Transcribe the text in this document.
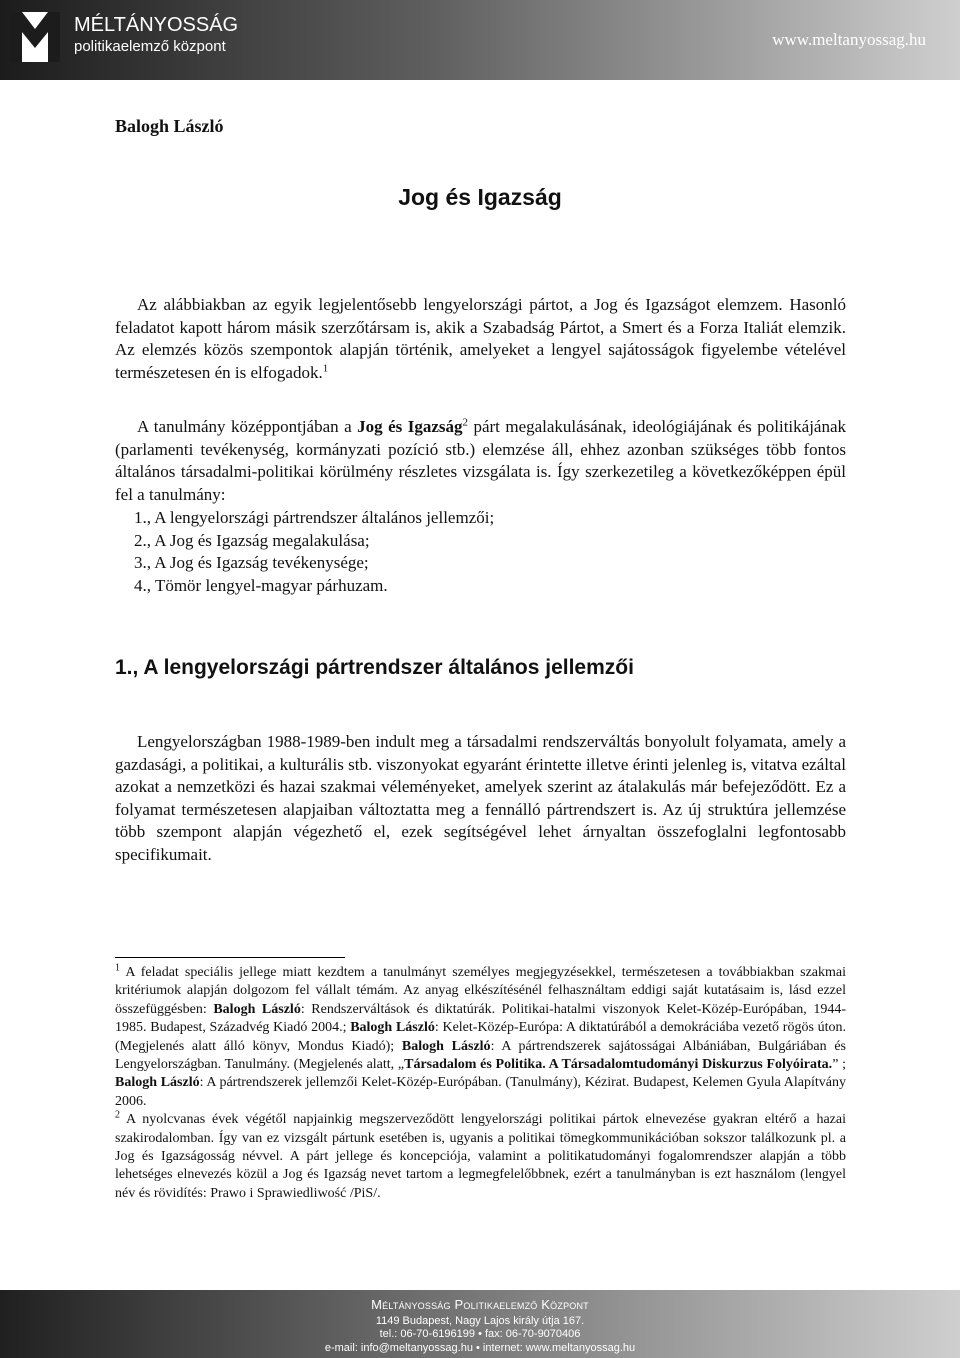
MÉLTÁNYOSSÁG
politikaelemző központ	www.meltanyossag.hu
Balogh László
Jog és Igazság

Az alábbiakban az egyik legjelentősebb lengyelországi pártot, a Jog és Igazságot elemzem. Hasonló feladatot kapott három másik szerzőtársam is, akik a Szabadság Pártot, a Smert és a Forza Italiát elemzik. Az elemzés közös szempontok alapján történik, amelyeket a lengyel sajátosságok figyelembe vételével természetesen én is elfogadok.$^1$

A tanulmány középpontjában a Jog és Igazság$^2$ párt megalakulásának, ideológiájának és politikájának (parlamenti tevékenység, kormányzati pozíció stb.) elemzése áll, ehhez azonban szükséges több fontos általános társadalmi-politikai körülmény részletes vizsgálata is. Így szerkezetileg a következőképpen épül fel a tanulmány:

1., A lengyelországi pártrendszer általános jellemzői;
2., A Jog és Igazság megalakulása;
3., A Jog és Igazság tevékenysége;
4., Tömör lengyel-magyar párhuzam.
1., A lengyelországi pártrendszer általános jellemzői

Lengyelországban 1988-1989-ben indult meg a társadalmi rendszerváltás bonyolult folyamata, amely a gazdasági, a politikai, a kulturális stb. viszonyokat egyaránt érintette illetve érinti jelenleg is, vitatva ezáltal azokat a nemzetközi és hazai szakmai véleményeket, amelyek szerint az átalakulás már befejeződött. Ez a folyamat természetesen alapjaiban változtatta meg a fennálló pártrendszert is. Az új struktúra jellemzése több szempont alapján végezhető el, ezek segítségével lehet árnyaltan összefoglalni legfontosabb specifikumait.

$^1$ A feladat speciális jellege miatt kezdtem a tanulmányt személyes megjegyzésekkel, természetesen a továbbiakban szakmai kritériumok alapján dolgozom fel vállalt témám. Az anyag elkészítésénél felhasználtam eddigi saját kutatásaim is, lásd ezzel összefüggésben: Balogh László: Rendszerváltások és diktatúrák. Politikai-hatalmi viszonyok Kelet-Közép-Európában, 1944-1985. Budapest, Századvég Kiadó 2004.; Balogh László: Kelet-Közép-Európa: A diktatúrából a demokráciába vezető rögös úton. (Megjelenés alatt álló könyv, Mondus Kiadó); Balogh László: A pártrendszerek sajátosságai Albániában, Bulgáriában és Lengyelországban. Tanulmány. (Megjelenés alatt, „Társadalom és Politika. A Társadalomtudományi Diskurzus Folyóirata.” ; Balogh László: A pártrendszerek jellemzői Kelet-Közép-Európában. (Tanulmány), Kézirat. Budapest, Kelemen Gyula Alapítvány 2006.

$^2$ A nyolcvanas évek végétől napjainkig megszerveződött lengyelországi politikai pártok elnevezése gyakran eltérő a hazai szakirodalomban. Így van ez vizsgált pártunk esetében is, ugyanis a politikai tömegkommunikációban sokszor találkozunk pl. a Jog és Igazságosság névvel. A párt jellege és koncepciója, valamint a politikatudományi fogalomrendszer alapján a több lehetséges elnevezés közül a Jog és Igazság nevet tartom a legmegfelelőbbnek, ezért a tanulmányban is ezt használom (lengyel név és rövidítés: Prawo i Sprawiedliwość /PiS/.

Méltányosság Politikaelemző Központ
1149 Budapest, Nagy Lajos király útja 167.
tel.: 06-70-6196199 • fax: 06-70-9070406
e-mail: info@meltanyossag.hu • internet: www.meltanyossag.hu
